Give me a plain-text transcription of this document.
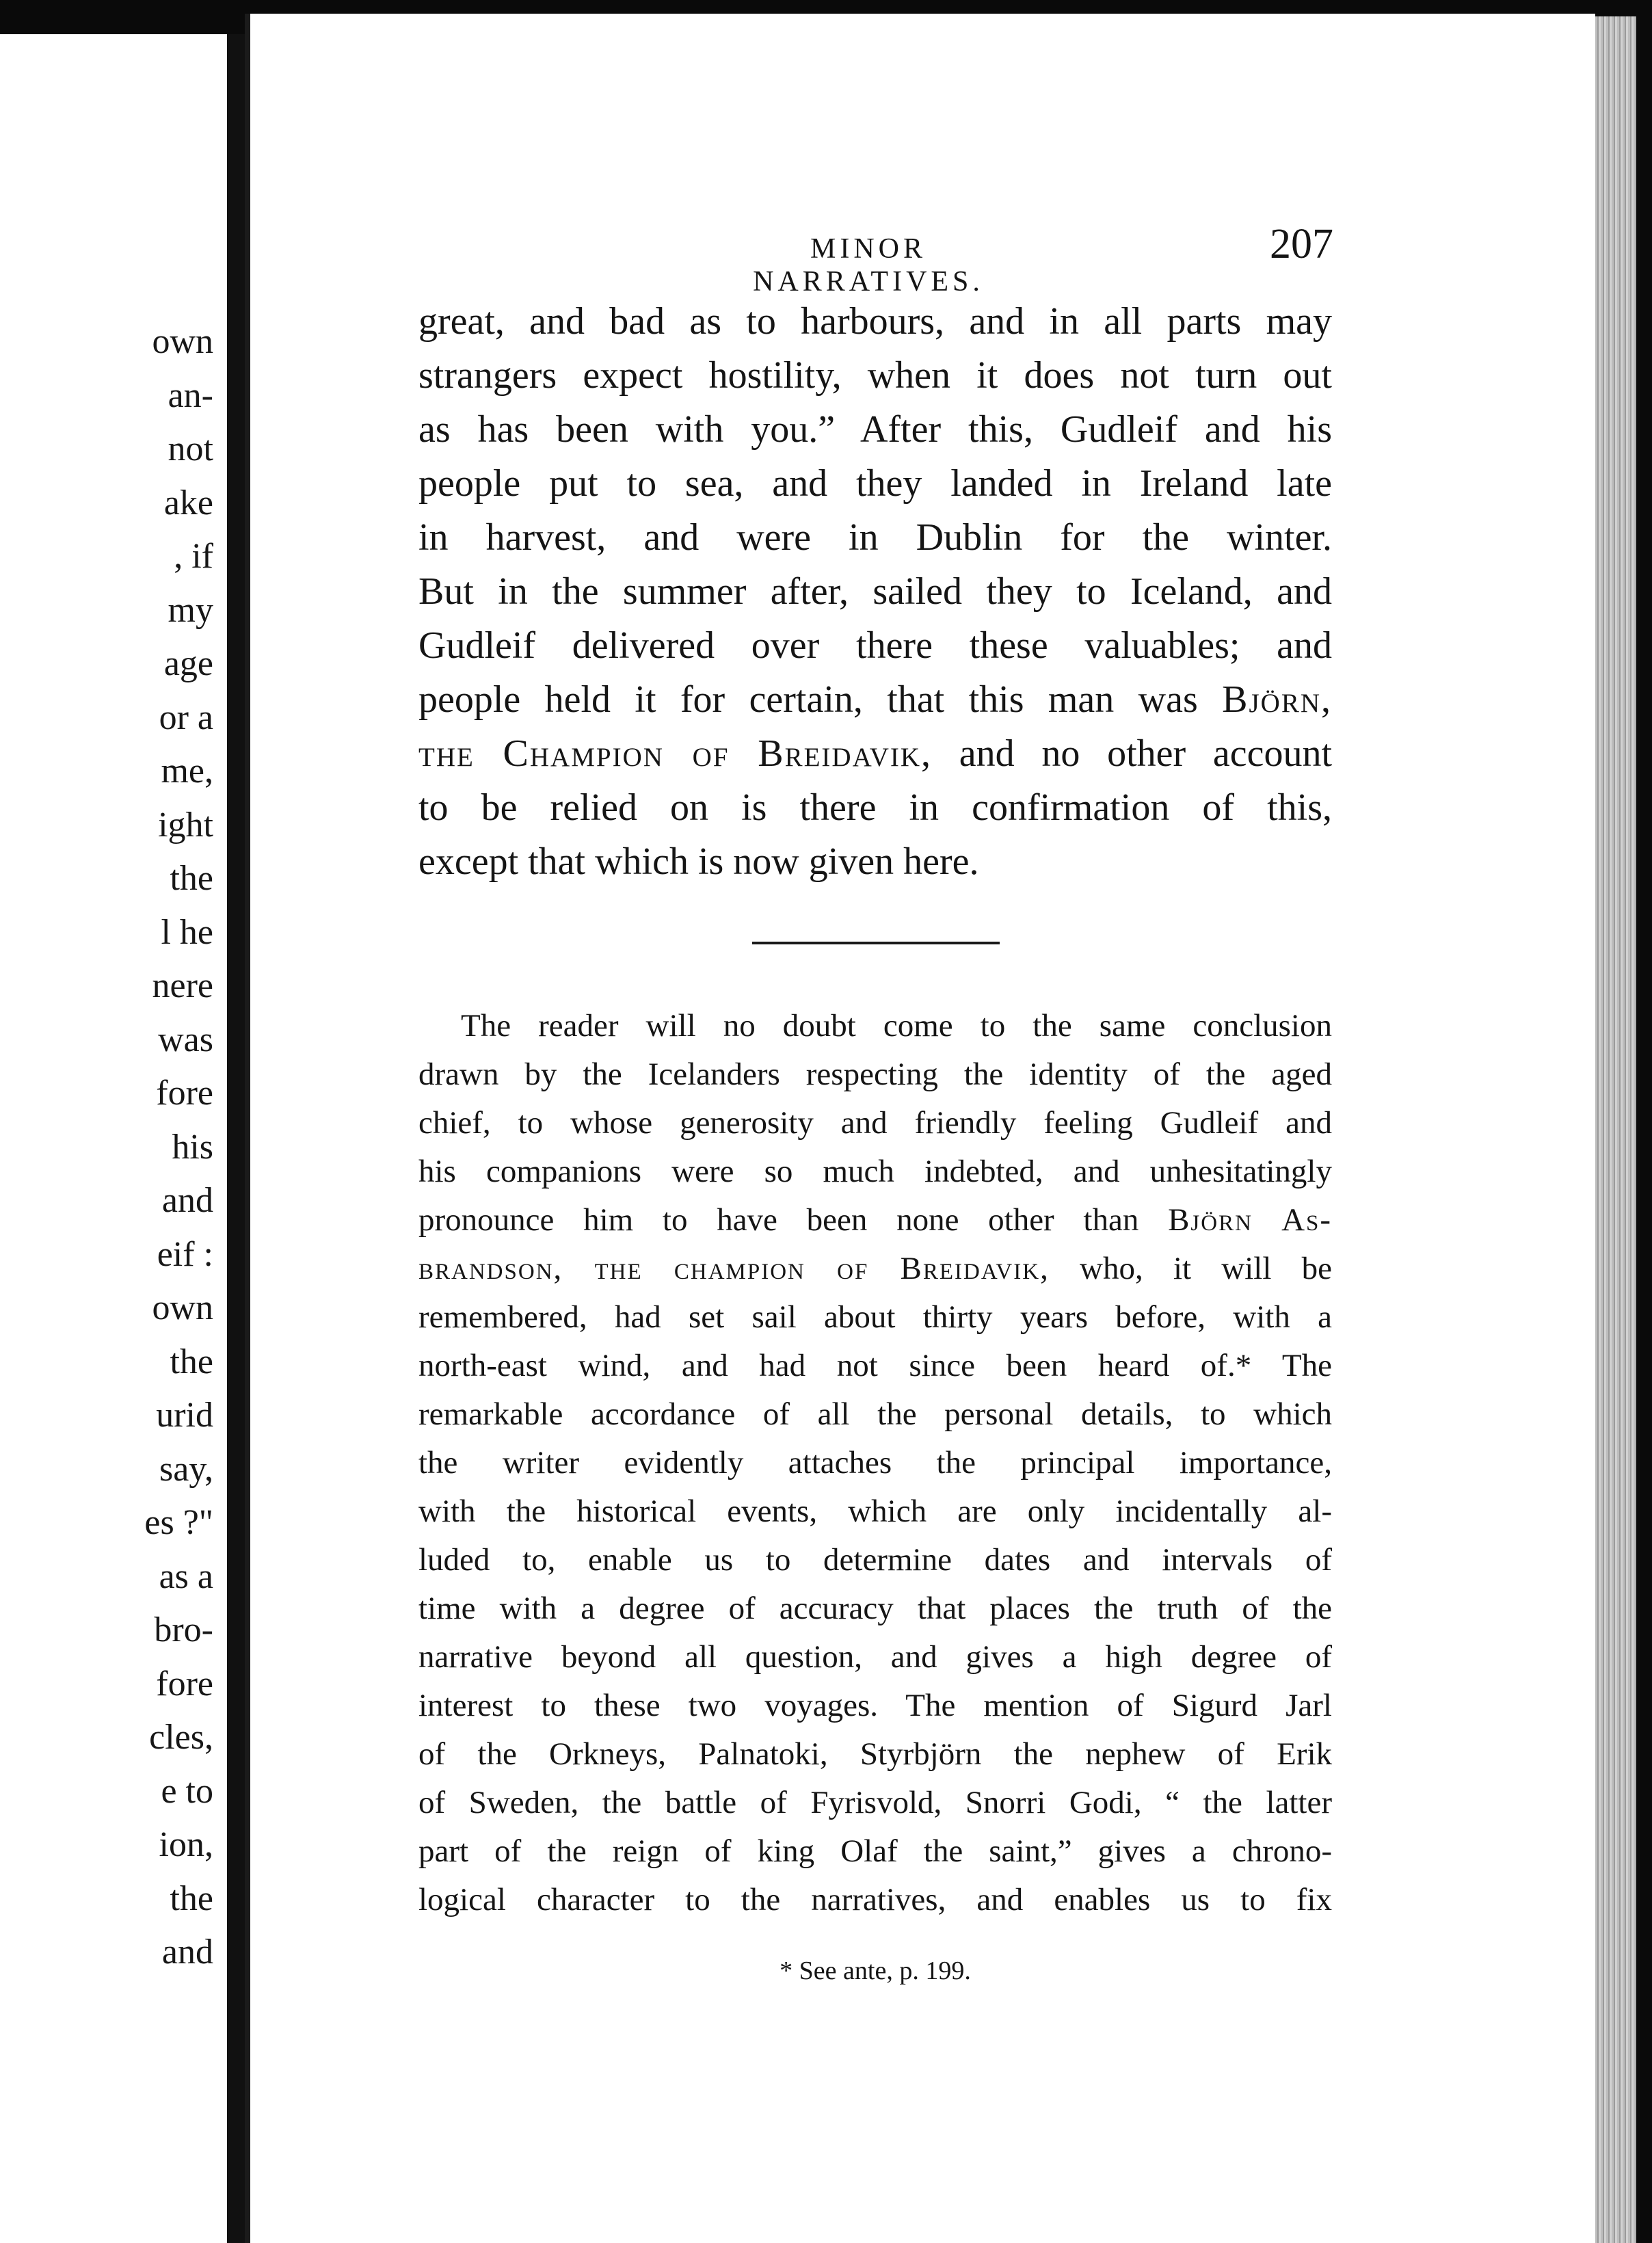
own
an-
not
ake
, if
my
age
or a
me,
ight
the
l he
nere
was
fore
his
and
eif :
own
the
urid
say,
es ?"
as a
bro-
fore
cles,
e to
ion,
the
and
MINOR NARRATIVES.
207
great, and bad as to harbours, and in all parts may
strangers expect hostility, when it does not turn out
as has been with you.” After this, Gudleif and his
people put to sea, and they landed in Ireland late
in harvest, and were in Dublin for the winter.
But in the summer after, sailed they to Iceland, and
Gudleif delivered over there these valuables; and
people held it for certain, that this man was Björn,
the Champion of Breidavik, and no other account
to be relied on is there in confirmation of this,
except that which is now given here.
The reader will no doubt come to the same conclusion
drawn by the Icelanders respecting the identity of the aged
chief, to whose generosity and friendly feeling Gudleif and
his companions were so much indebted, and unhesitatingly
pronounce him to have been none other than Björn As-
brandson, the champion of Breidavik, who, it will be
remembered, had set sail about thirty years before, with a
north-east wind, and had not since been heard of.* The
remarkable accordance of all the personal details, to which
the writer evidently attaches the principal importance,
with the historical events, which are only incidentally al-
luded to, enable us to determine dates and intervals of
time with a degree of accuracy that places the truth of the
narrative beyond all question, and gives a high degree of
interest to these two voyages. The mention of Sigurd Jarl
of the Orkneys, Palnatoki, Styrbjörn the nephew of Erik
of Sweden, the battle of Fyrisvold, Snorri Godi, “ the latter
part of the reign of king Olaf the saint,” gives a chrono-
logical character to the narratives, and enables us to fix
* See ante, p. 199.
